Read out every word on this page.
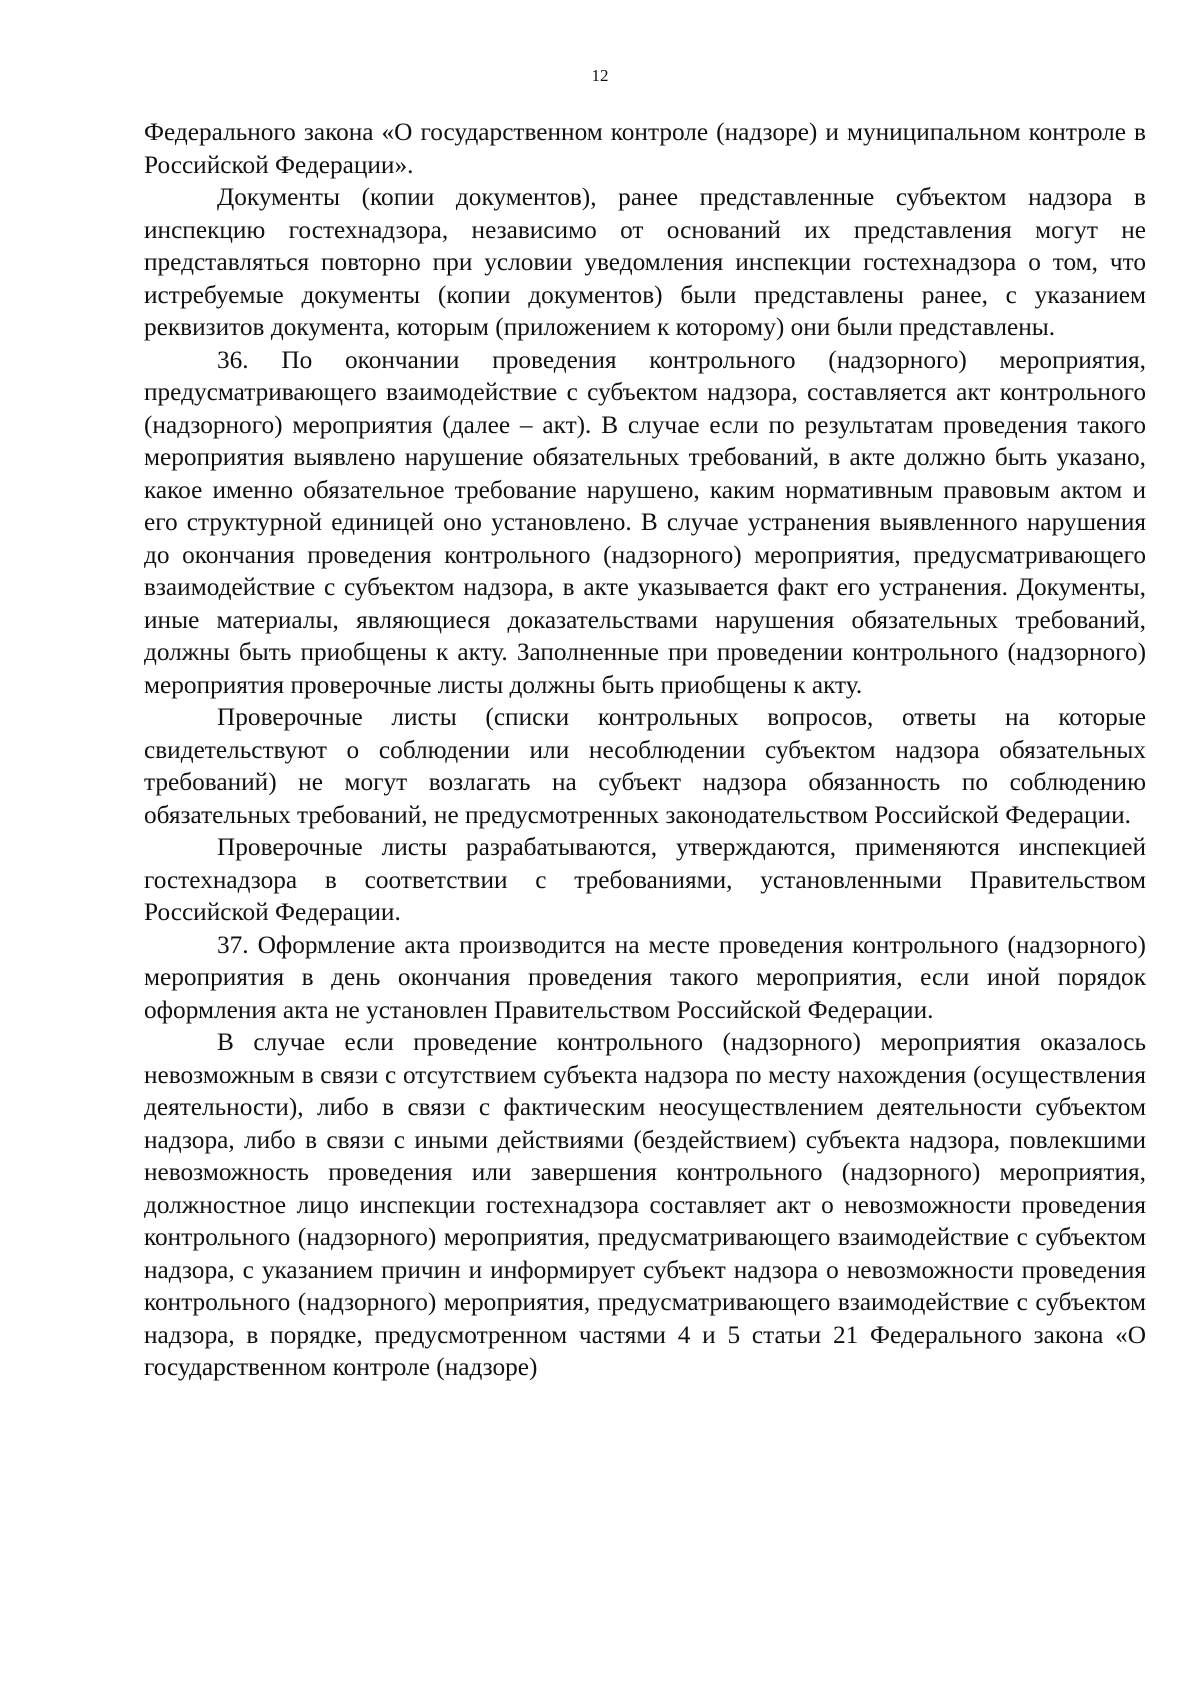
12

Федерального закона «О государственном контроле (надзоре) и муниципальном контроле в Российской Федерации».

Документы (копии документов), ранее представленные субъектом надзора в инспекцию гостехнадзора, независимо от оснований их представления могут не представляться повторно при условии уведомления инспекции гостехнадзора о том, что истребуемые документы (копии документов) были представлены ранее, с указанием реквизитов документа, которым (приложением к которому) они были представлены.

36. По окончании проведения контрольного (надзорного) мероприятия, предусматривающего взаимодействие с субъектом надзора, составляется акт контрольного (надзорного) мероприятия (далее – акт). В случае если по результатам проведения такого мероприятия выявлено нарушение обязательных требований, в акте должно быть указано, какое именно обязательное требование нарушено, каким нормативным правовым актом и его структурной единицей оно установлено. В случае устранения выявленного нарушения до окончания проведения контрольного (надзорного) мероприятия, предусматривающего взаимодействие с субъектом надзора, в акте указывается факт его устранения. Документы, иные материалы, являющиеся доказательствами нарушения обязательных требований, должны быть приобщены к акту. Заполненные при проведении контрольного (надзорного) мероприятия проверочные листы должны быть приобщены к акту.

Проверочные листы (списки контрольных вопросов, ответы на которые свидетельствуют о соблюдении или несоблюдении субъектом надзора обязательных требований) не могут возлагать на субъект надзора обязанность по соблюдению обязательных требований, не предусмотренных законодательством Российской Федерации.

Проверочные листы разрабатываются, утверждаются, применяются инспекцией гостехнадзора в соответствии с требованиями, установленными Правительством Российской Федерации.

37. Оформление акта производится на месте проведения контрольного (надзорного) мероприятия в день окончания проведения такого мероприятия, если иной порядок оформления акта не установлен Правительством Российской Федерации.

В случае если проведение контрольного (надзорного) мероприятия оказалось невозможным в связи с отсутствием субъекта надзора по месту нахождения (осуществления деятельности), либо в связи с фактическим неосуществлением деятельности субъектом надзора, либо в связи с иными действиями (бездействием) субъекта надзора, повлекшими невозможность проведения или завершения контрольного (надзорного) мероприятия, должностное лицо инспекции гостехнадзора составляет акт о невозможности проведения контрольного (надзорного) мероприятия, предусматривающего взаимодействие с субъектом надзора, с указанием причин и информирует субъект надзора о невозможности проведения контрольного (надзорного) мероприятия, предусматривающего взаимодействие с субъектом надзора, в порядке, предусмотренном частями 4 и 5 статьи 21 Федерального закона «О государственном контроле (надзоре)
